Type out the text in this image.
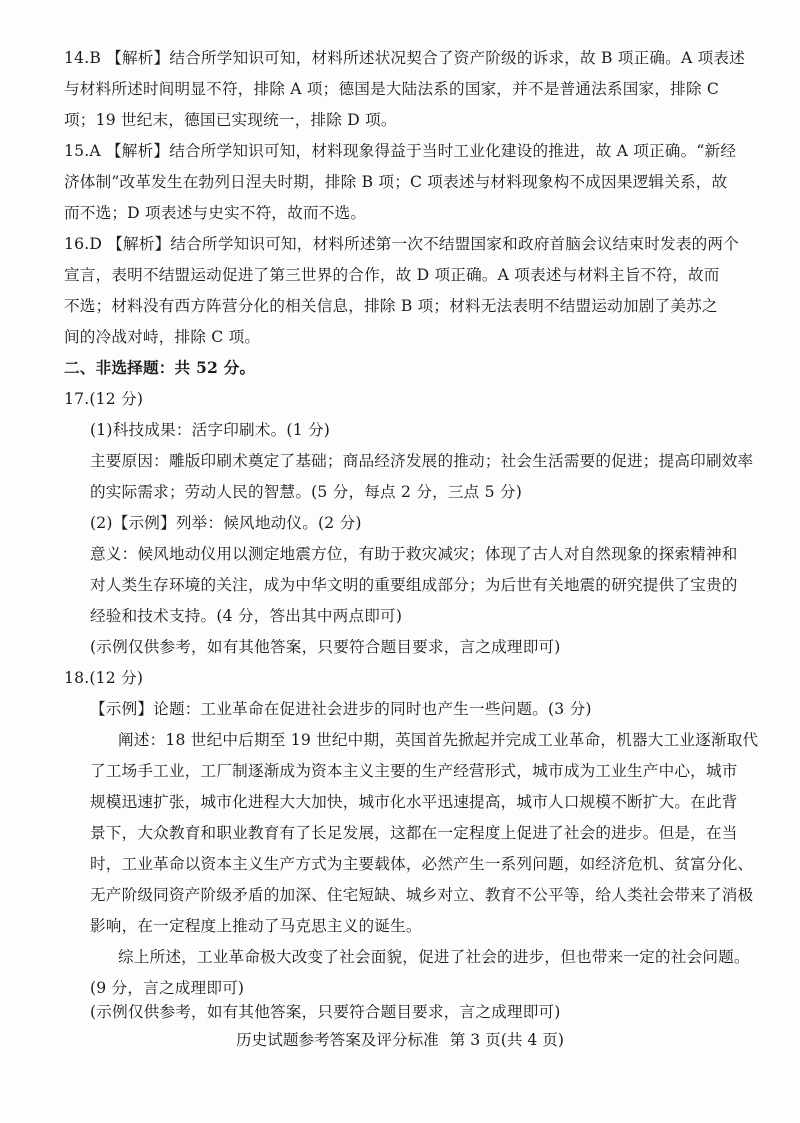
14.B 【解析】结合所学知识可知，材料所述状况契合了资产阶级的诉求，故 B 项正确。A 项表述
与材料所述时间明显不符，排除 A 项；德国是大陆法系的国家，并不是普通法系国家，排除 C
项；19 世纪末，德国已实现统一，排除 D 项。
15.A 【解析】结合所学知识可知，材料现象得益于当时工业化建设的推进，故 A 项正确。“新经
济体制”改革发生在勃列日涅夫时期，排除 B 项；C 项表述与材料现象构不成因果逻辑关系，故
而不选；D 项表述与史实不符，故而不选。
16.D 【解析】结合所学知识可知，材料所述第一次不结盟国家和政府首脑会议结束时发表的两个
宣言，表明不结盟运动促进了第三世界的合作，故 D 项正确。A 项表述与材料主旨不符，故而
不选；材料没有西方阵营分化的相关信息，排除 B 项；材料无法表明不结盟运动加剧了美苏之
间的冷战对峙，排除 C 项。
二、非选择题：共 52 分。
17.(12 分)
(1)科技成果：活字印刷术。(1 分)
主要原因：雕版印刷术奠定了基础；商品经济发展的推动；社会生活需要的促进；提高印刷效率
的实际需求；劳动人民的智慧。(5 分，每点 2 分，三点 5 分)
(2)【示例】列举：候风地动仪。(2 分)
意义：候风地动仪用以测定地震方位，有助于救灾减灾；体现了古人对自然现象的探索精神和
对人类生存环境的关注，成为中华文明的重要组成部分；为后世有关地震的研究提供了宝贵的
经验和技术支持。(4 分，答出其中两点即可)
(示例仅供参考，如有其他答案，只要符合题目要求，言之成理即可)
18.(12 分)
【示例】论题：工业革命在促进社会进步的同时也产生一些问题。(3 分)
阐述：18 世纪中后期至 19 世纪中期，英国首先掀起并完成工业革命，机器大工业逐渐取代
了工场手工业，工厂制逐渐成为资本主义主要的生产经营形式，城市成为工业生产中心，城市
规模迅速扩张，城市化进程大大加快，城市化水平迅速提高，城市人口规模不断扩大。在此背
景下，大众教育和职业教育有了长足发展，这都在一定程度上促进了社会的进步。但是，在当
时，工业革命以资本主义生产方式为主要载体，必然产生一系列问题，如经济危机、贫富分化、
无产阶级同资产阶级矛盾的加深、住宅短缺、城乡对立、教育不公平等，给人类社会带来了消极
影响，在一定程度上推动了马克思主义的诞生。
综上所述，工业革命极大改变了社会面貌，促进了社会的进步，但也带来一定的社会问题。
(9 分，言之成理即可)
历史试题参考答案及评分标准 第 3 页(共 4 页)
(示例仅供参考，如有其他答案，只要符合题目要求，言之成理即可)
